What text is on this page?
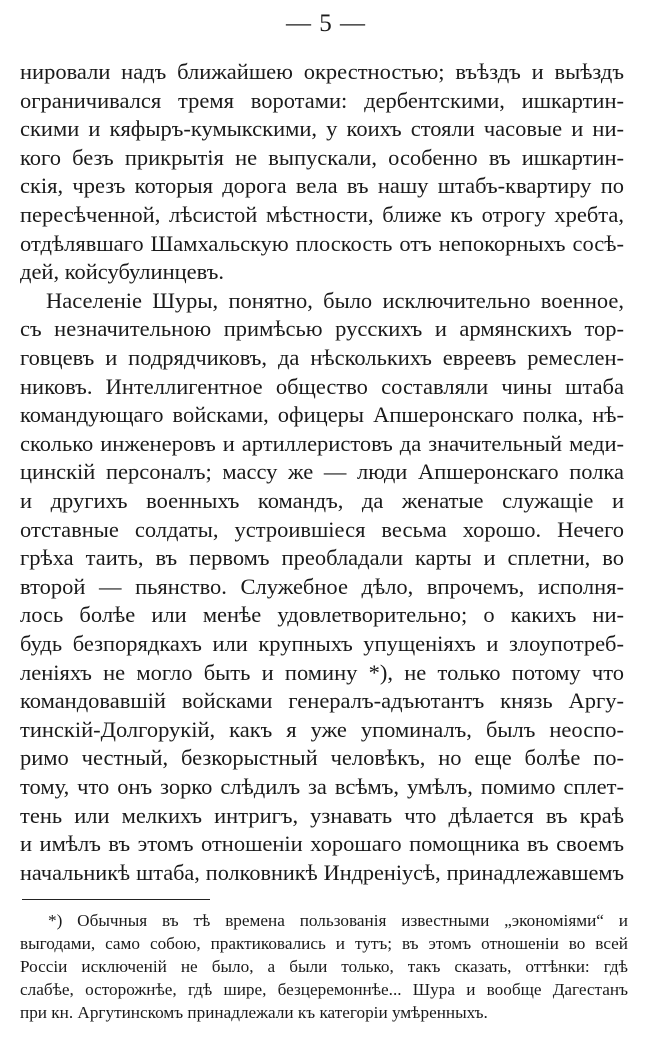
— 5 —
нировали надъ ближайшею окрестностью; въѣздъ и выѣздъ
ограничивался тремя воротами: дербентскими, ишкартин-
скими и кяфыръ-кумыкскими, у коихъ стояли часовые и ни-
кого безъ прикрытія не выпускали, особенно въ ишкартин-
скія, чрезъ которыя дорога вела въ нашу штабъ-квартиру по
пересѣченной, лѣсистой мѣстности, ближе къ отрогу хребта,
отдѣлявшаго Шамхальскую плоскость отъ непокорныхъ сосѣ-
дей, койсубулинцевъ.
Населеніе Шуры, понятно, было исключительно военное,
съ незначительною примѣсью русскихъ и армянскихъ тор-
говцевъ и подрядчиковъ, да нѣсколькихъ евреевъ ремеслен-
никовъ. Интеллигентное общество составляли чины штаба
командующаго войсками, офицеры Апшеронскаго полка, нѣ-
сколько инженеровъ и артиллеристовъ да значительный меди-
цинскій персоналъ; массу же — люди Апшеронскаго полка
и другихъ военныхъ командъ, да женатые служащіе и
отставные солдаты, устроившіеся весьма хорошо. Нечего
грѣха таить, въ первомъ преобладали карты и сплетни, во
второй — пьянство. Служебное дѣло, впрочемъ, исполня-
лось болѣе или менѣе удовлетворительно; о какихъ ни-
будь безпорядкахъ или крупныхъ упущеніяхъ и злоупотреб-
леніяхъ не могло быть и помину *), не только потому что
командовавшій войсками генералъ-адъютантъ князь Аргу-
тинскій-Долгорукій, какъ я уже упоминалъ, былъ неоспо-
римо честный, безкорыстный человѣкъ, но еще болѣе по-
тому, что онъ зорко слѣдилъ за всѣмъ, умѣлъ, помимо сплет-
тень или мелкихъ интригъ, узнавать что дѣлается въ краѣ
и имѣлъ въ этомъ отношеніи хорошаго помощника въ своемъ
начальникѣ штаба, полковникѣ Индреніусѣ, принадлежавшемъ
*) Обычныя въ тѣ времена пользованія известными „экономіями“ и
выгодами, само собою, практиковались и тутъ; въ этомъ отношеніи во всей
Россіи исключеній не было, а были только, такъ сказать, оттѣнки: гдѣ
слабѣе, осторожнѣе, гдѣ шире, безцеремоннѣе... Шура и вообще Дагестанъ
при кн. Аргутинскомъ принадлежали къ категоріи умѣренныхъ.
